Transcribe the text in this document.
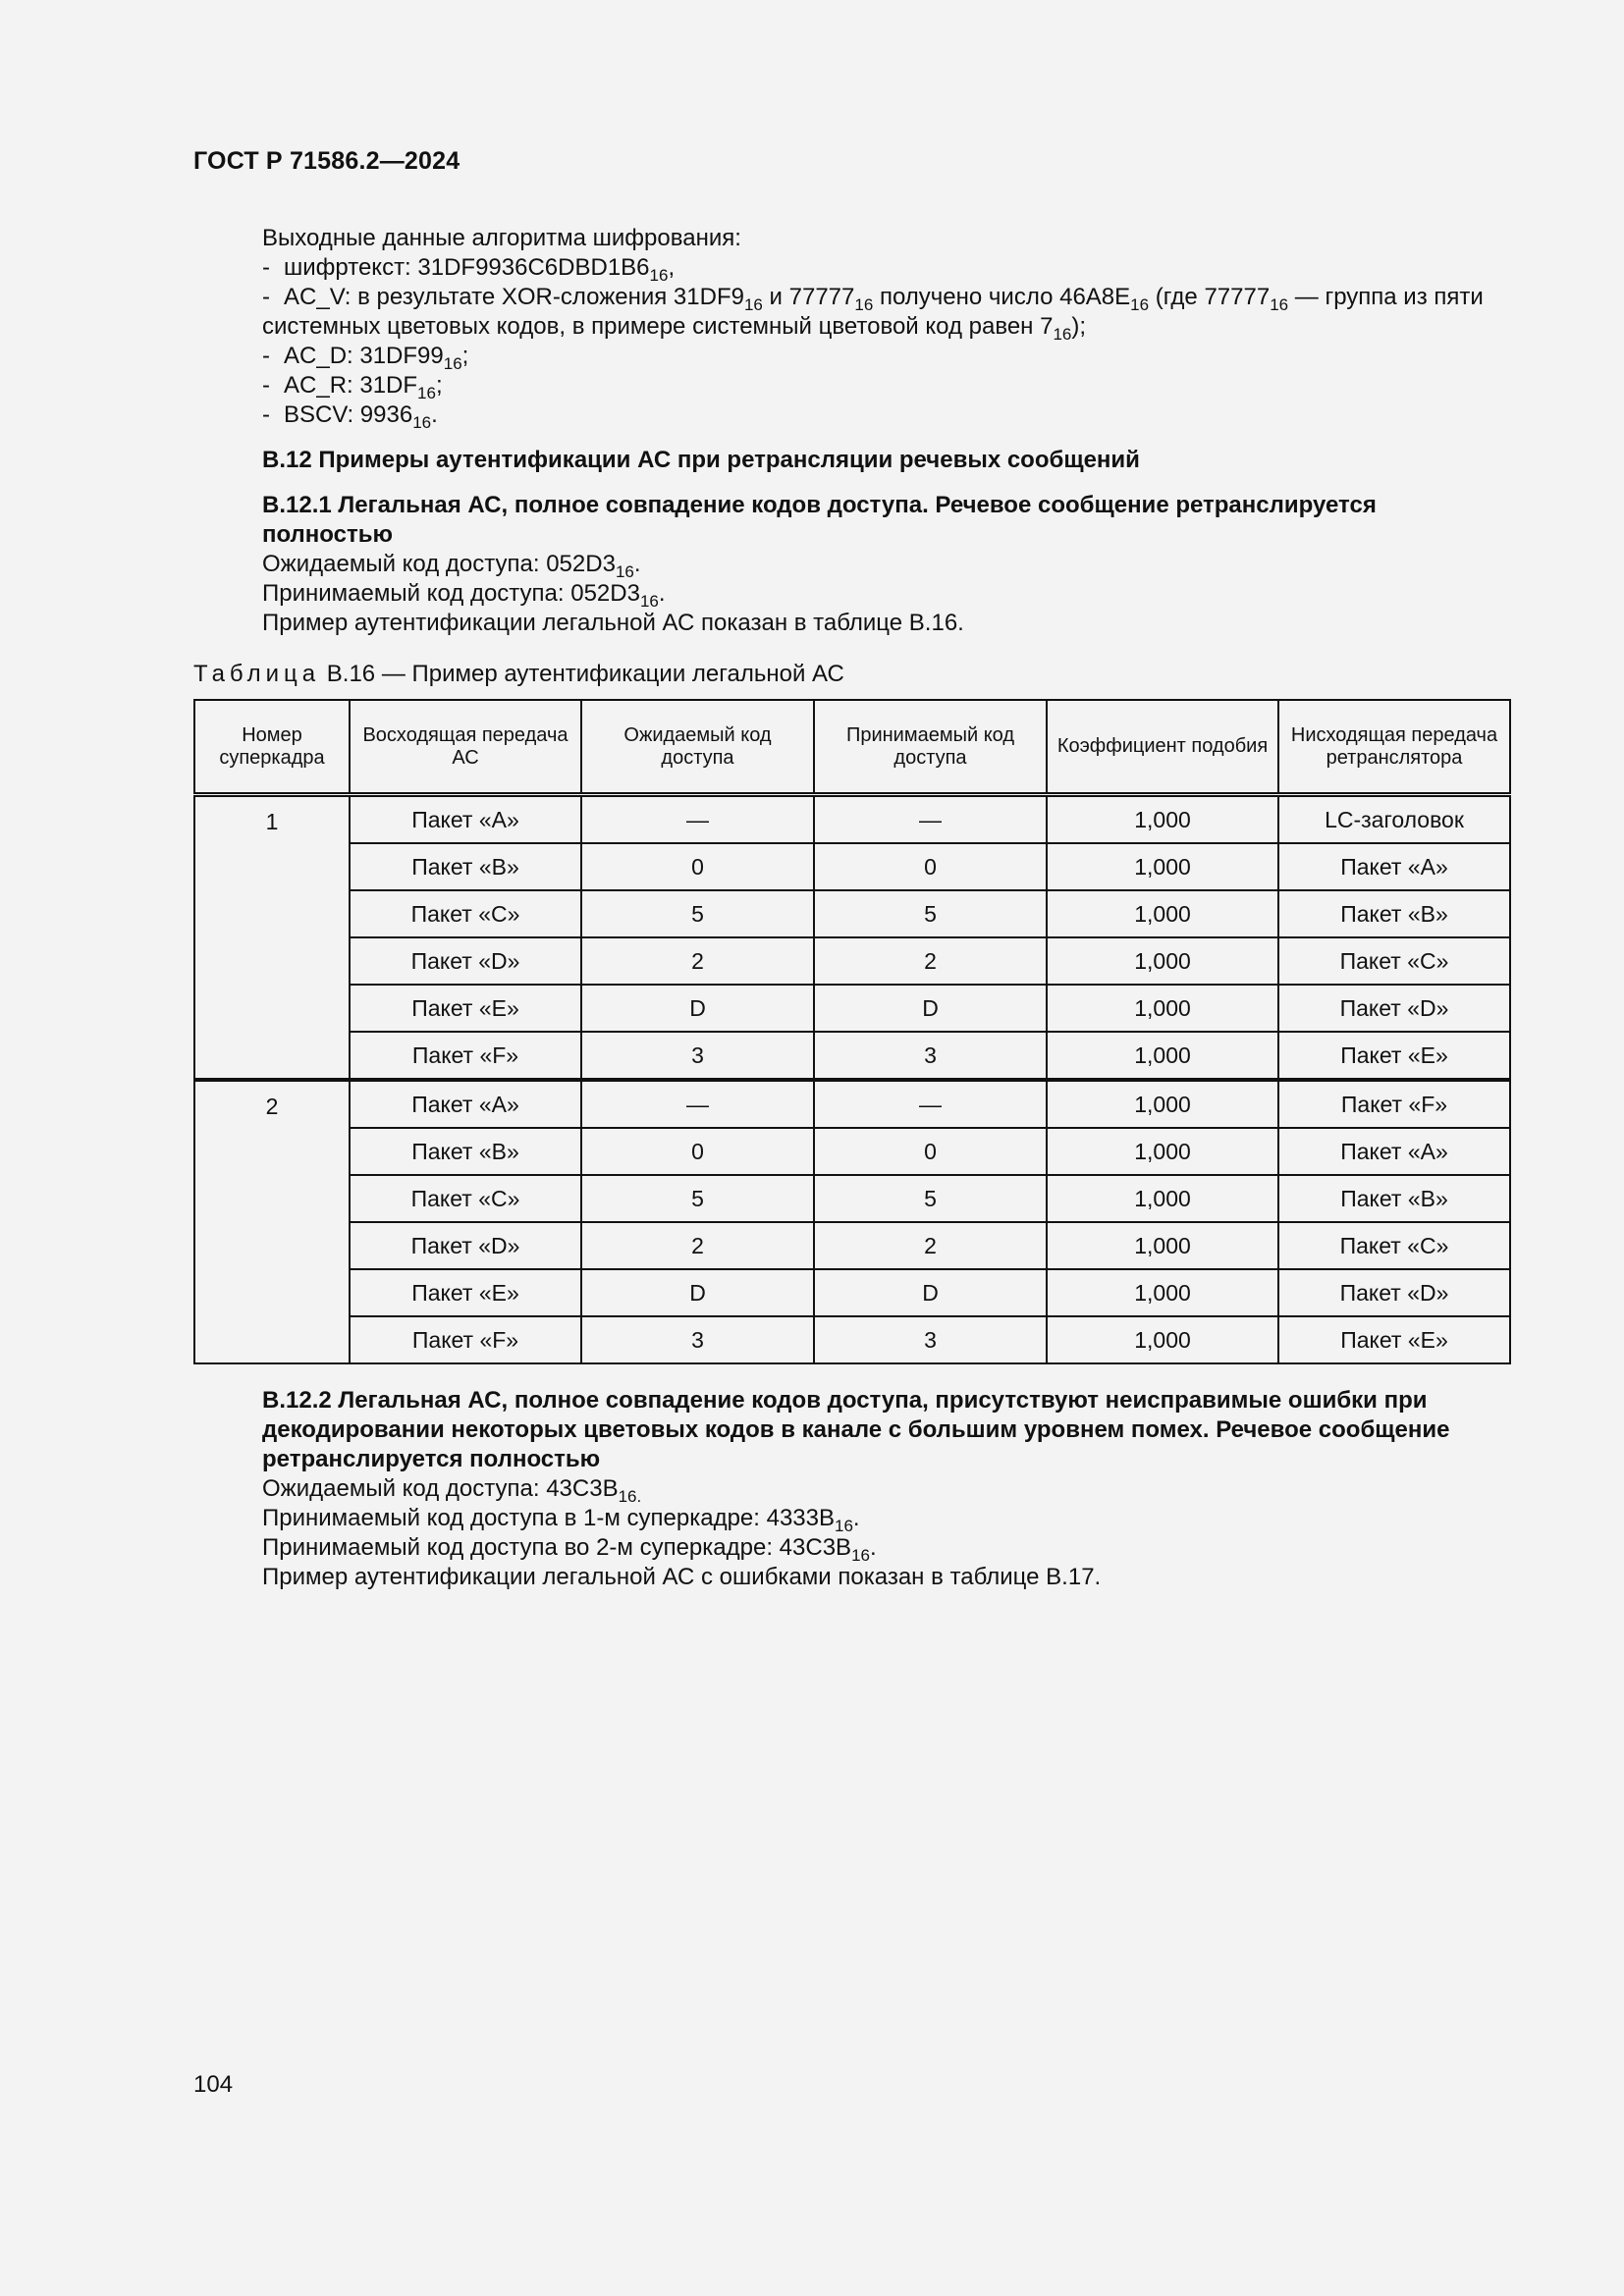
ГОСТ Р 71586.2—2024

Выходные данные алгоритма шифрования:

- шифртекст: $31DF9936C6DBD1B6_{16}$,

- AC_V: в результате XOR-сложения $31DF9_{16}$ и $77777_{16}$ получено число $46A8E_{16}$ (где $77777_{16}$ — группа из пяти системных цветовых кодов, в примере системный цветовой код равен $7_{16}$);

- AC_D: $31DF99_{16}$;

- AC_R: $31DF_{16}$;

- BSCV: $9936_{16}$.

В.12 Примеры аутентификации АС при ретрансляции речевых сообщений

В.12.1 Легальная АС, полное совпадение кодов доступа. Речевое сообщение ретранслируется полностью

Ожидаемый код доступа: $052D3_{16}$.

Принимаемый код доступа: $052D3_{16}$.

Пример аутентификации легальной АС показан в таблице В.16.

Таблица В.16 — Пример аутентификации легальной АС

Номер суперкадра	Восходящая передача АС	Ожидаемый код доступа	Принимаемый код доступа	Коэффициент подобия	Нисходящая передача ретранслятора
1	Пакет «A»	—	—	1,000	LC-заголовок
	Пакет «B»	0	0	1,000	Пакет «A»
	Пакет «C»	5	5	1,000	Пакет «B»
	Пакет «D»	2	2	1,000	Пакет «C»
	Пакет «E»	D	D	1,000	Пакет «D»
	Пакет «F»	3	3	1,000	Пакет «E»
2	Пакет «A»	—	—	1,000	Пакет «F»
	Пакет «B»	0	0	1,000	Пакет «A»
	Пакет «C»	5	5	1,000	Пакет «B»
	Пакет «D»	2	2	1,000	Пакет «C»
	Пакет «E»	D	D	1,000	Пакет «D»
	Пакет «F»	3	3	1,000	Пакет «E»

В.12.2 Легальная АС, полное совпадение кодов доступа, присутствуют неисправимые ошибки при декодировании некоторых цветовых кодов в канале с большим уровнем помех. Речевое сообщение ретранслируется полностью

Ожидаемый код доступа: $43С3В_{16.}$

Принимаемый код доступа в 1-м суперкадре: $4333В_{16}$.

Принимаемый код доступа во 2-м суперкадре: $43С3В_{16}$.

Пример аутентификации легальной АС с ошибками показан в таблице В.17.

104
